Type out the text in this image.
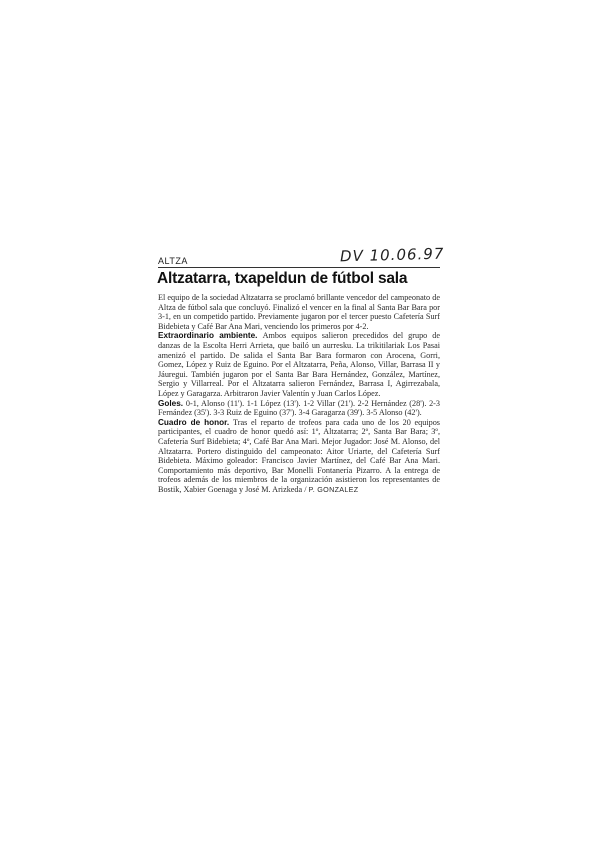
DV 10.06.97
ALTZA
Altzatarra, txapeldun de fútbol sala

El equipo de la sociedad Altzatarra se proclamó brillante vencedor del campeonato de Altza de fútbol sala que concluyó. Finalizó el vencer en la final al Santa Bar Bara por 3-1, en un competido partido. Previamente jugaron por el tercer puesto Cafetería Surf Bidebieta y Café Bar Ana Mari, venciendo los primeros por 4-2.

Extraordinario ambiente. Ambos equipos salieron precedidos del grupo de danzas de la Escolta Herri Arrieta, que bailó un aurresku. La trikitilariak Los Pasai amenizó el partido. De salida el Santa Bar Bara formaron con Arocena, Gorri, Gomez, López y Ruiz de Eguino. Por el Altzatarra, Peña, Alonso, Villar, Barrasa II y Jáuregui. También jugaron por el Santa Bar Bara Hernández, González, Martínez, Sergio y Villarreal. Por el Altzatarra salieron Fernández, Barrasa I, Agirrezabala, López y Garagarza. Arbitraron Javier Valentín y Juan Carlos López.

Goles. 0-1, Alonso (11'). 1-1 López (13'). 1-2 Villar (21'). 2-2 Hernández (28'). 2-3 Fernández (35'). 3-3 Ruiz de Eguino (37'). 3-4 Garagarza (39'). 3-5 Alonso (42').

Cuadro de honor. Tras el reparto de trofeos para cada uno de los 20 equipos participantes, el cuadro de honor quedó así: 1º, Altzatarra; 2º, Santa Bar Bara; 3º, Cafetería Surf Bidebieta; 4º, Café Bar Ana Mari. Mejor Jugador: José M. Alonso, del Altzatarra. Portero distinguido del campeonato: Aitor Uriarte, del Cafetería Surf Bidebieta. Máximo goleador: Francisco Javier Martínez, del Café Bar Ana Mari. Comportamiento más deportivo, Bar Monelli Fontanería Pizarro. A la entrega de trofeos además de los miembros de la organización asistieron los representantes de Bostik, Xabier Goenaga y José M. Arizkeda / P. GONZALEZ
